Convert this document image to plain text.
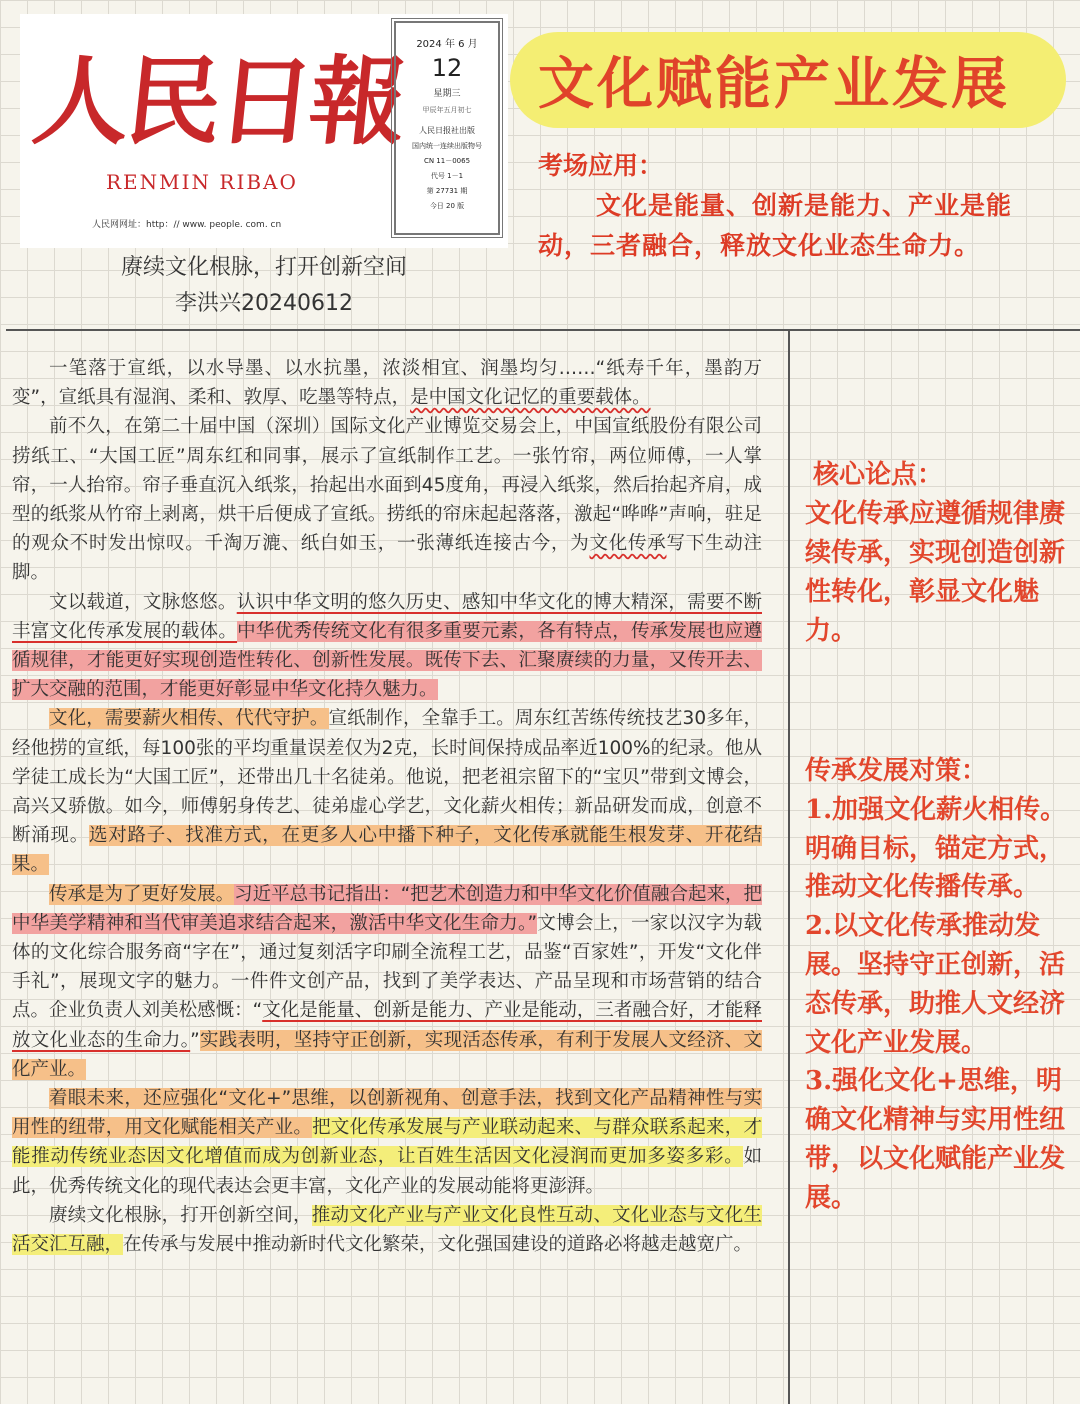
人民日報
RENMIN RIBAO
人民网网址：http：// www. people. com. cn
2024 年 6 月
12
星期三
甲辰年五月初七
人民日报社出版
国内统一连续出版物号
CN 11－0065
代号 1－1
第 27731 期
今日 20 版
赓续文化根脉，打开创新空间
李洪兴20240612
文化赋能产业发展
考场应用：

文化是能量、创新是能力、产业是能动，三者融合，释放文化业态生命力。

一笔落于宣纸，以水导墨、以水抗墨，浓淡相宜、润墨均匀……“纸寿千年，墨韵万变”，宣纸具有湿润、柔和、敦厚、吃墨等特点，是中国文化记忆的重要载体。

前不久，在第二十届中国（深圳）国际文化产业博览交易会上，中国宣纸股份有限公司捞纸工、“大国工匠”周东红和同事，展示了宣纸制作工艺。一张竹帘，两位师傅，一人掌帘，一人抬帘。帘子垂直沉入纸浆，抬起出水面到45度角，再浸入纸浆，然后抬起齐肩，成型的纸浆从竹帘上剥离，烘干后便成了宣纸。捞纸的帘床起起落落，激起“哗哗”声响，驻足的观众不时发出惊叹。千淘万漉、纸白如玉，一张薄纸连接古今，为文化传承写下生动注脚。

文以载道，文脉悠悠。认识中华文明的悠久历史、感知中华文化的博大精深，需要不断丰富文化传承发展的载体。中华优秀传统文化有很多重要元素，各有特点，传承发展也应遵循规律，才能更好实现创造性转化、创新性发展。既传下去、汇聚赓续的力量，又传开去、扩大交融的范围，才能更好彰显中华文化持久魅力。

文化，需要薪火相传、代代守护。宣纸制作，全靠手工。周东红苦练传统技艺30多年，经他捞的宣纸，每100张的平均重量误差仅为2克，长时间保持成品率近100%的纪录。他从学徒工成长为“大国工匠”，还带出几十名徒弟。他说，把老祖宗留下的“宝贝”带到文博会，高兴又骄傲。如今，师傅躬身传艺、徒弟虚心学艺，文化薪火相传；新品研发而成，创意不断涌现。选对路子、找准方式，在更多人心中播下种子，文化传承就能生根发芽、开花结果。

传承是为了更好发展。习近平总书记指出：“把艺术创造力和中华文化价值融合起来，把中华美学精神和当代审美追求结合起来，激活中华文化生命力。”文博会上，一家以汉字为载体的文化综合服务商“字在”，通过复刻活字印刷全流程工艺，品鉴“百家姓”，开发“文化伴手礼”，展现文字的魅力。一件件文创产品，找到了美学表达、产品呈现和市场营销的结合点。企业负责人刘美松感慨：“文化是能量、创新是能力、产业是能动，三者融合好，才能释放文化业态的生命力。”实践表明，坚持守正创新，实现活态传承，有利于发展人文经济、文化产业。

着眼未来，还应强化“文化+”思维，以创新视角、创意手法，找到文化产品精神性与实用性的纽带，用文化赋能相关产业。把文化传承发展与产业联动起来、与群众联系起来，才能推动传统业态因文化增值而成为创新业态，让百姓生活因文化浸润而更加多姿多彩。如此，优秀传统文化的现代表达会更丰富，文化产业的发展动能将更澎湃。

赓续文化根脉，打开创新空间，推动文化产业与产业文化良性互动、文化业态与文化生活交汇互融，在传承与发展中推动新时代文化繁荣，文化强国建设的道路必将越走越宽广。

核心论点：

文化传承应遵循规律赓续传承，实现创造创新性转化，彰显文化魅力。

传承发展对策：

1.加强文化薪火相传。明确目标，锚定方式，推动文化传播传承。

2.以文化传承推动发展。坚持守正创新，活态传承，助推人文经济文化产业发展。

3.强化文化+思维，明确文化精神与实用性纽带，以文化赋能产业发展。
